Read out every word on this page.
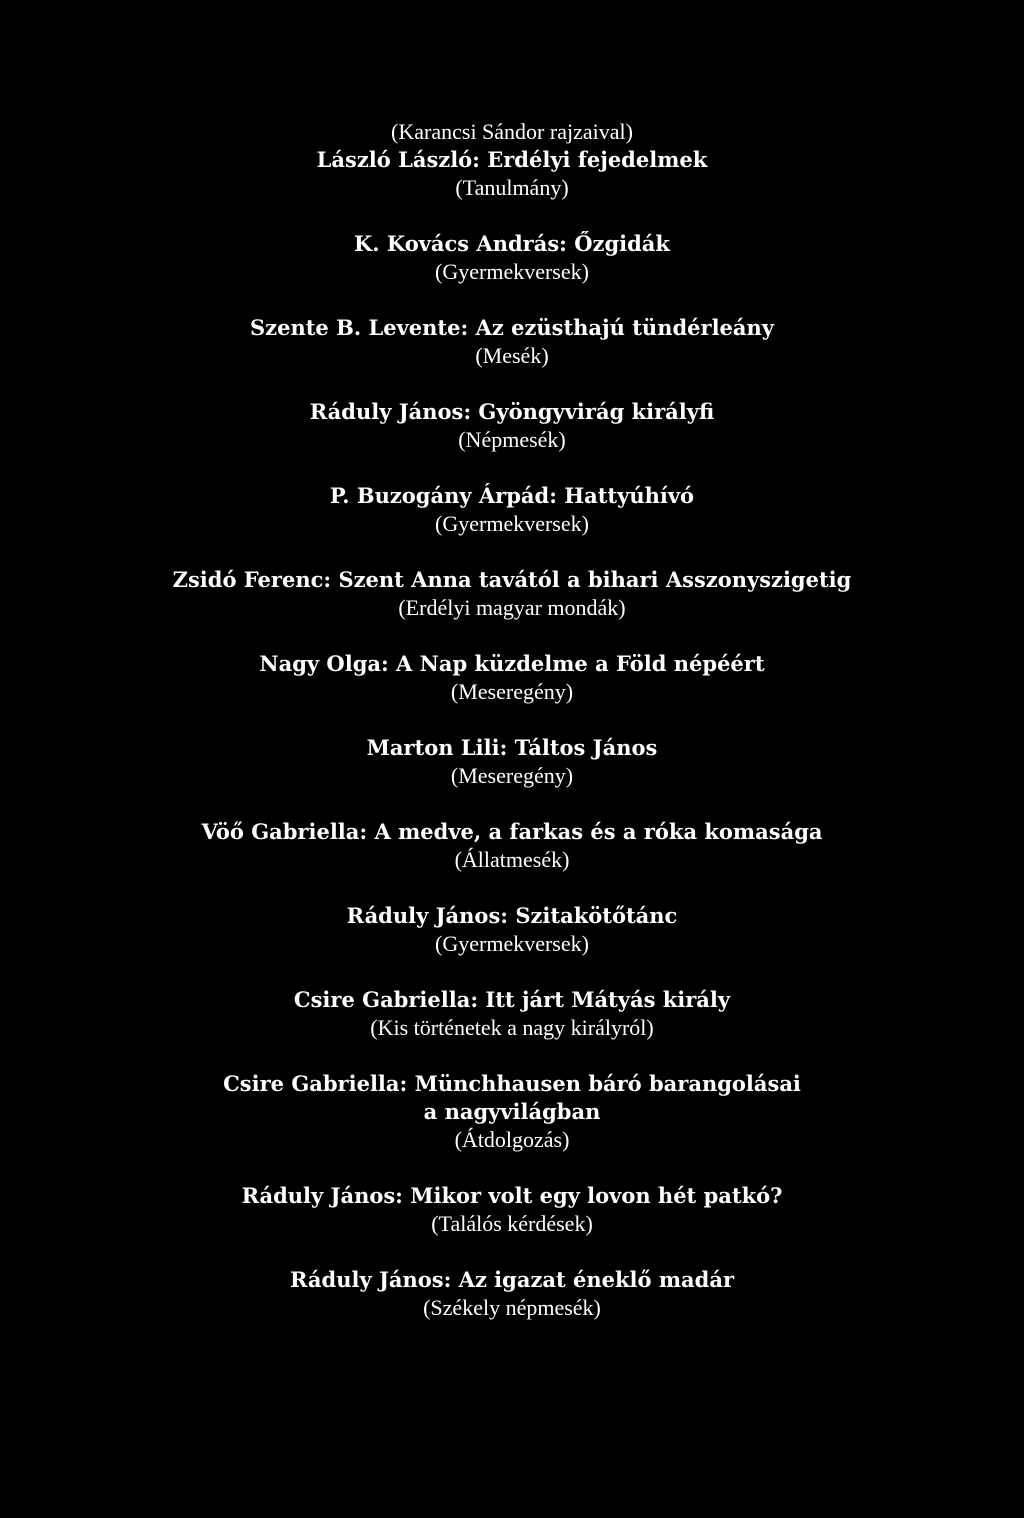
(Karancsi Sándor rajzaival)
László László: Erdélyi fejedelmek
(Tanulmány)
K. Kovács András: Őzgidák
(Gyermekversek)
Szente B. Levente: Az ezüsthajú tündérleány
(Mesék)
Ráduly János: Gyöngyvirág királyfi
(Népmesék)
P. Buzogány Árpád: Hattyúhívó
(Gyermekversek)
Zsidó Ferenc: Szent Anna tavától a bihari Asszonyszigetig
(Erdélyi magyar mondák)
Nagy Olga: A Nap küzdelme a Föld népéért
(Meseregény)
Marton Lili: Táltos János
(Meseregény)
Vöő Gabriella: A medve, a farkas és a róka komasága
(Állatmesék)
Ráduly János: Szitakötőtánc
(Gyermekversek)
Csire Gabriella: Itt járt Mátyás király
(Kis történetek a nagy királyról)
Csire Gabriella: Münchhausen báró barangolásai
a nagyvilágban
(Átdolgozás)
Ráduly János: Mikor volt egy lovon hét patkó?
(Találós kérdések)
Ráduly János: Az igazat éneklő madár
(Székely népmesék)
